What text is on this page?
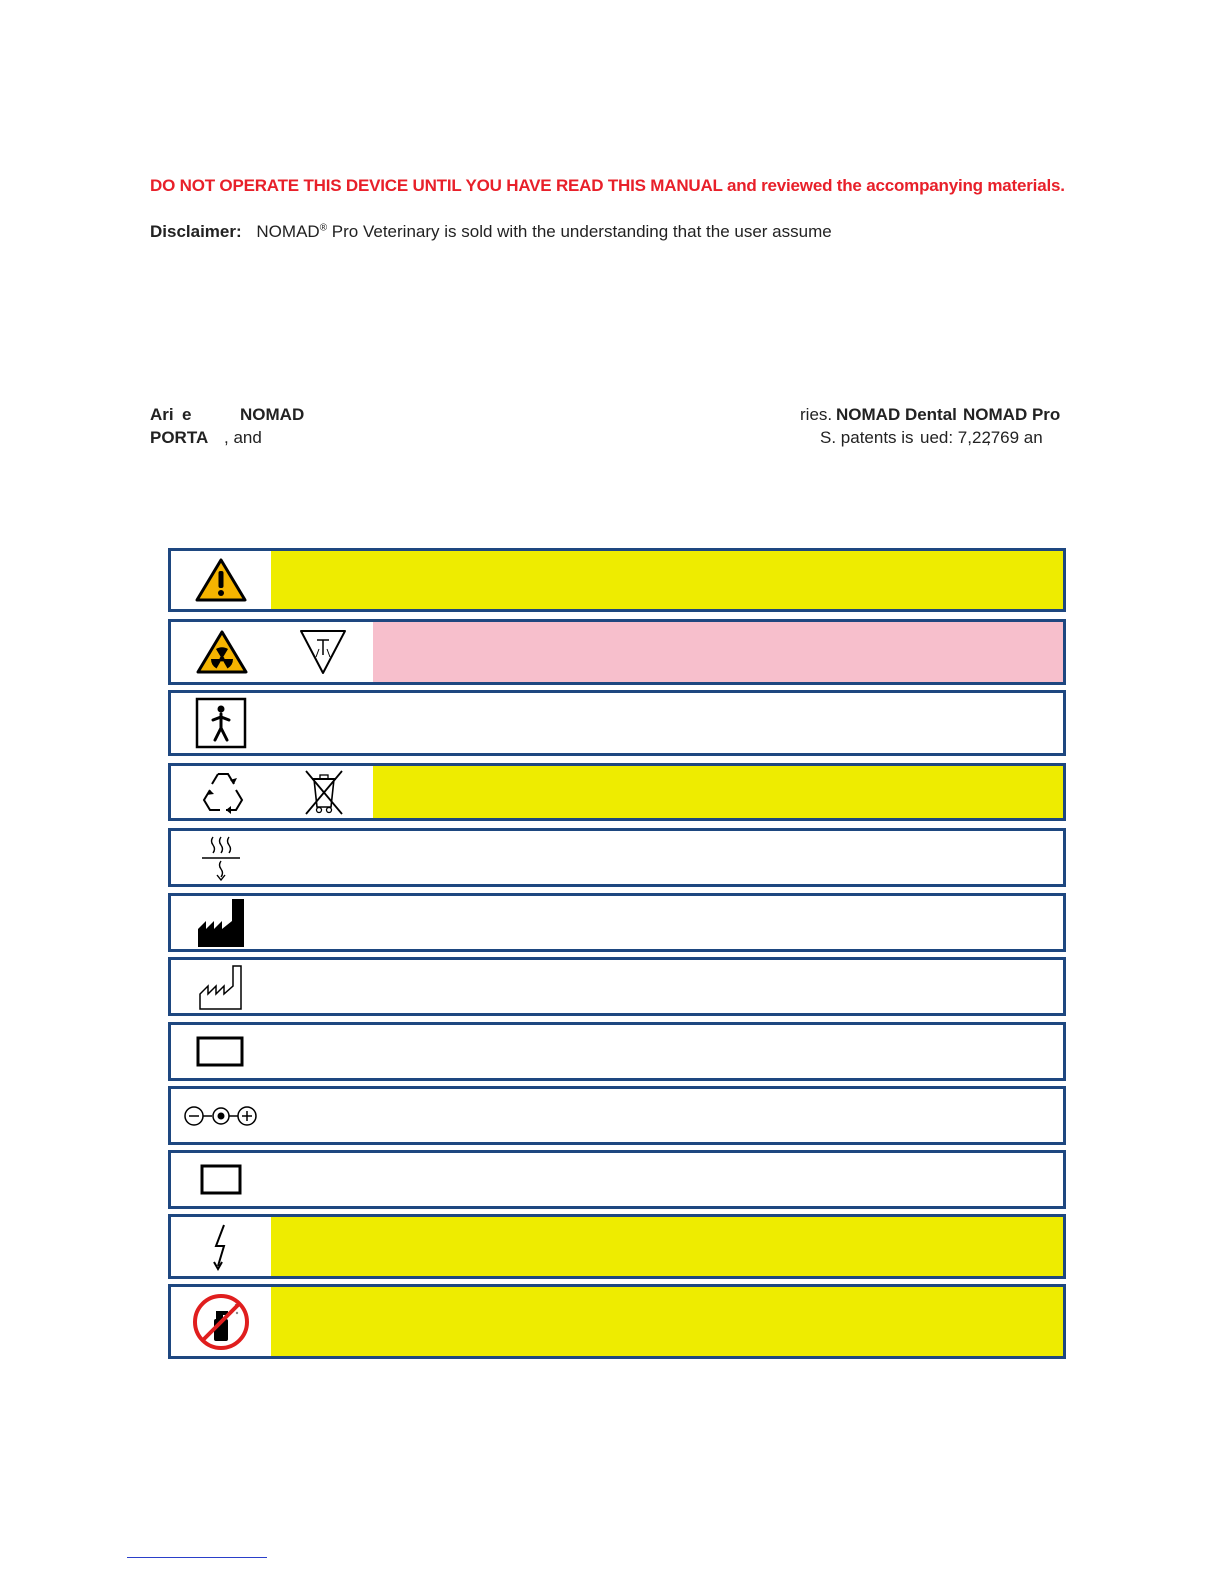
DO NOT OPERATE THIS DEVICE UNTIL YOU HAVE READ THIS MANUAL and reviewed the accompanying materials.
Disclaimer: NOMAD® Pro Veterinary is sold with the understanding that the user assume
Ari e	NOMAD	ries. NOMAD Dental NOMAD Pro
PORTA , and	S. patents is ued: 7,22
,769 an
